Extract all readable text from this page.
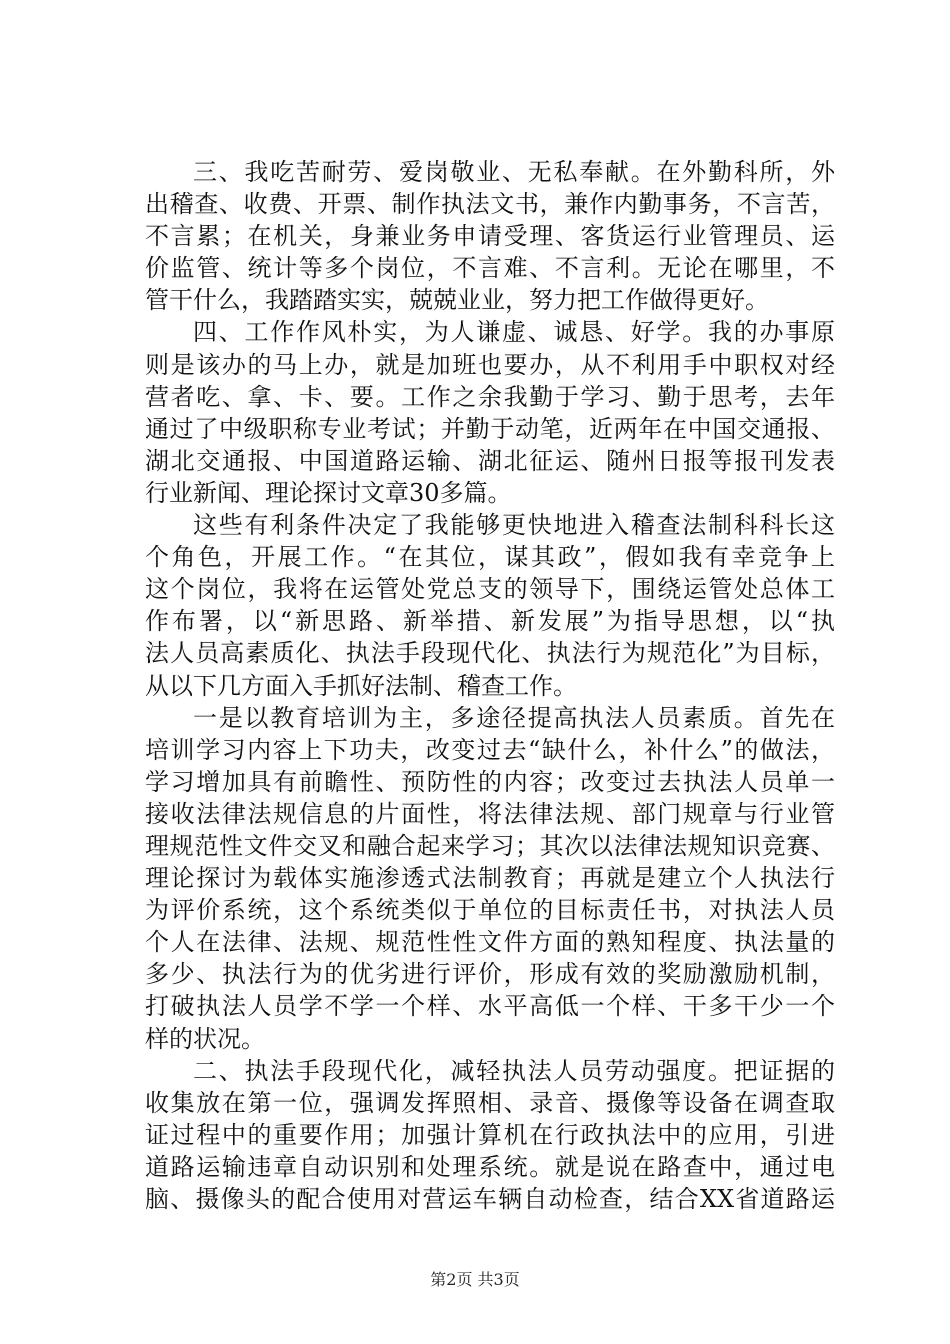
三、我吃苦耐劳、爱岗敬业、无私奉献。在外勤科所，外
出稽查、收费、开票、制作执法文书，兼作内勤事务，不言苦，
不言累；在机关，身兼业务申请受理、客货运行业管理员、运
价监管、统计等多个岗位，不言难、不言利。无论在哪里，不
管干什么，我踏踏实实，兢兢业业，努力把工作做得更好。
四、工作作风朴实，为人谦虚、诚恳、好学。我的办事原
则是该办的马上办，就是加班也要办，从不利用手中职权对经
营者吃、拿、卡、要。工作之余我勤于学习、勤于思考，去年
通过了中级职称专业考试；并勤于动笔，近两年在中国交通报、
湖北交通报、中国道路运输、湖北征运、随州日报等报刊发表
行业新闻、理论探讨文章30多篇。
这些有利条件决定了我能够更快地进入稽查法制科科长这
个角色，开展工作。“在其位，谋其政”，假如我有幸竞争上
这个岗位，我将在运管处党总支的领导下，围绕运管处总体工
作布署，以“新思路、新举措、新发展”为指导思想，以“执
法人员高素质化、执法手段现代化、执法行为规范化”为目标，
从以下几方面入手抓好法制、稽查工作。
一是以教育培训为主，多途径提高执法人员素质。首先在
培训学习内容上下功夫，改变过去“缺什么，补什么”的做法，
学习增加具有前瞻性、预防性的内容；改变过去执法人员单一
接收法律法规信息的片面性，将法律法规、部门规章与行业管
理规范性文件交叉和融合起来学习；其次以法律法规知识竞赛、
理论探讨为载体实施渗透式法制教育；再就是建立个人执法行
为评价系统，这个系统类似于单位的目标责任书，对执法人员
个人在法律、法规、规范性性文件方面的熟知程度、执法量的
多少、执法行为的优劣进行评价，形成有效的奖励激励机制，
打破执法人员学不学一个样、水平高低一个样、干多干少一个
样的状况。
二、执法手段现代化，减轻执法人员劳动强度。把证据的
收集放在第一位，强调发挥照相、录音、摄像等设备在调查取
证过程中的重要作用；加强计算机在行政执法中的应用，引进
道路运输违章自动识别和处理系统。就是说在路查中，通过电
脑、摄像头的配合使用对营运车辆自动检查，结合XX省道路运
第2页 共3页
